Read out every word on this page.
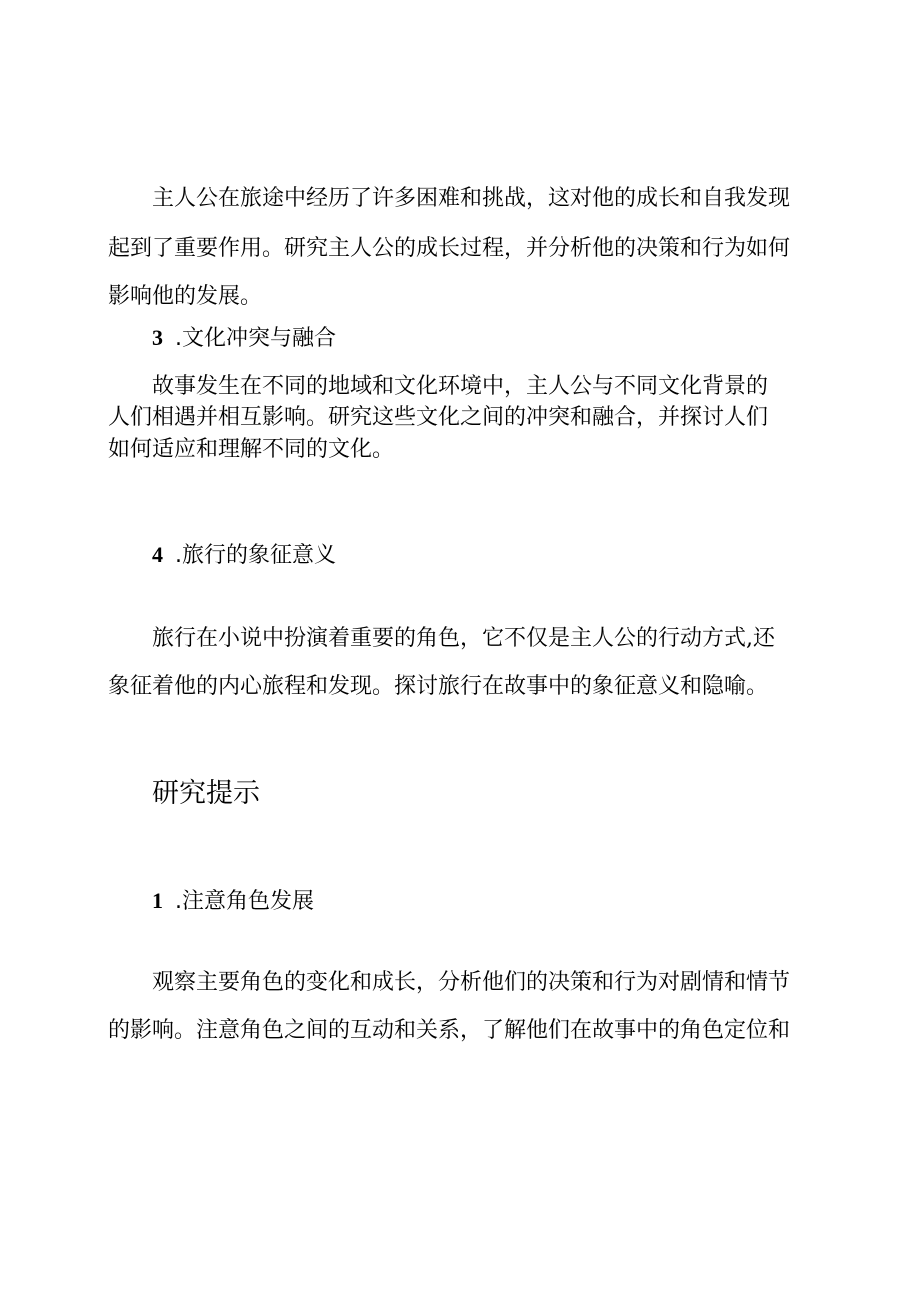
主人公在旅途中经历了许多困难和挑战，这对他的成长和自我发现
起到了重要作用。研究主人公的成长过程，并分析他的决策和行为如何
影响他的发展。
3 .文化冲突与融合
故事发生在不同的地域和文化环境中，主人公与不同文化背景的
人们相遇并相互影响。研究这些文化之间的冲突和融合，并探讨人们
如何适应和理解不同的文化。
4 .旅行的象征意义
旅行在小说中扮演着重要的角色，它不仅是主人公的行动方式,还
象征着他的内心旅程和发现。探讨旅行在故事中的象征意义和隐喻。
研究提示
1 .注意角色发展
观察主要角色的变化和成长，分析他们的决策和行为对剧情和情节
的影响。注意角色之间的互动和关系，了解他们在故事中的角色定位和
